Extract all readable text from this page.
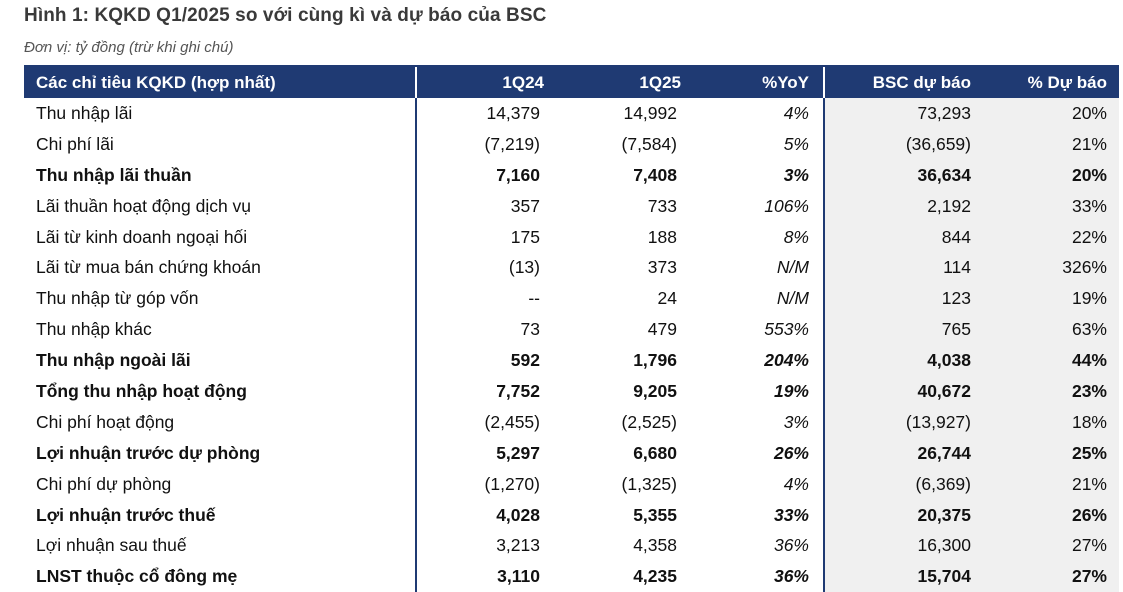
Hình 1: KQKD Q1/2025 so với cùng kì và dự báo của BSC
Đơn vị: tỷ đồng (trừ khi ghi chú)
Các chỉ tiêu KQKD (hợp nhất)	1Q24	1Q25	%YoY	BSC dự báo	% Dự báo
Thu nhập lãi	14,379	14,992	4%	73,293	20%
Chi phí lãi	(7,219)	(7,584)	5%	(36,659)	21%
Thu nhập lãi thuần	7,160	7,408	3%	36,634	20%
Lãi thuần hoạt động dịch vụ	357	733	106%	2,192	33%
Lãi từ kinh doanh ngoại hối	175	188	8%	844	22%
Lãi từ mua bán chứng khoán	(13)	373	N/M	114	326%
Thu nhập từ góp vốn	--	24	N/M	123	19%
Thu nhập khác	73	479	553%	765	63%
Thu nhập ngoài lãi	592	1,796	204%	4,038	44%
Tổng thu nhập hoạt động	7,752	9,205	19%	40,672	23%
Chi phí hoạt động	(2,455)	(2,525)	3%	(13,927)	18%
Lợi nhuận trước dự phòng	5,297	6,680	26%	26,744	25%
Chi phí dự phòng	(1,270)	(1,325)	4%	(6,369)	21%
Lợi nhuận trước thuế	4,028	5,355	33%	20,375	26%
Lợi nhuận sau thuế	3,213	4,358	36%	16,300	27%
LNST thuộc cổ đông mẹ	3,110	4,235	36%	15,704	27%
